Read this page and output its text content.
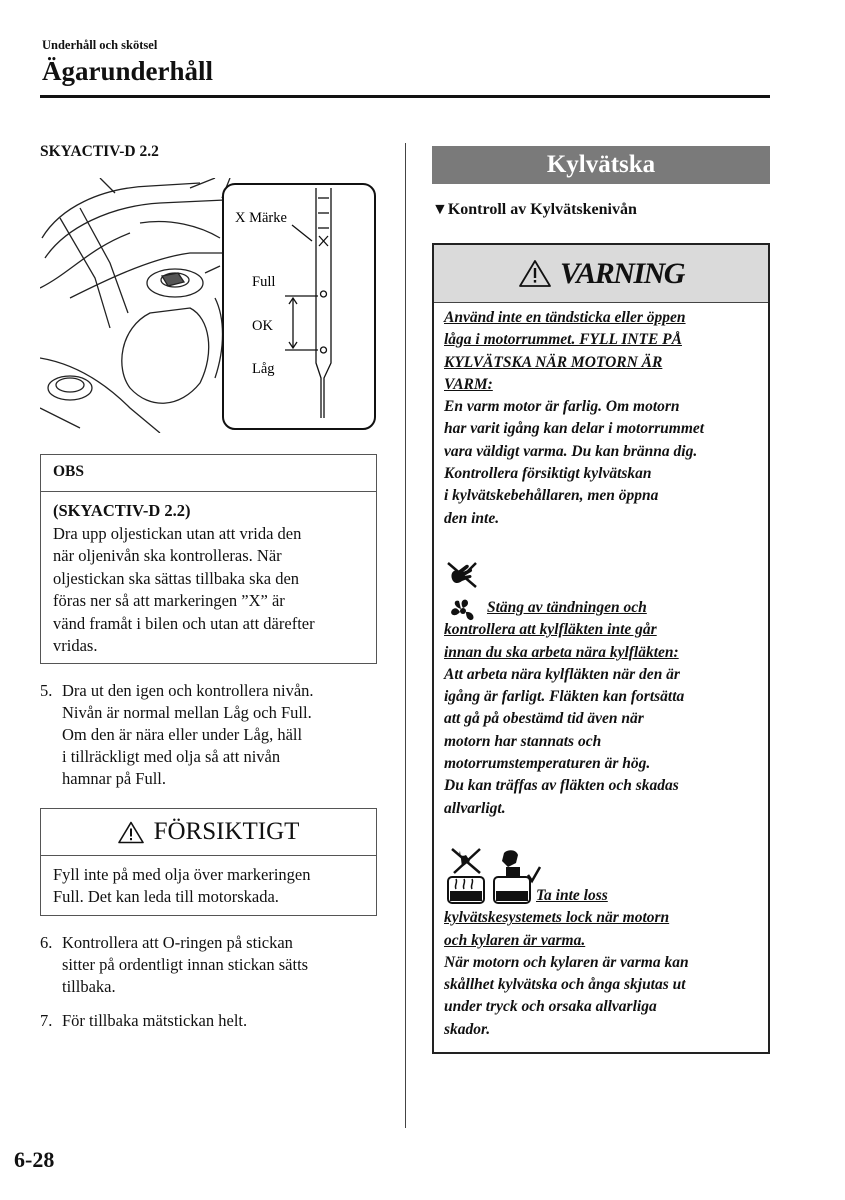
Underhåll och skötsel
Ägarunderhåll
SKYACTIV-D 2.2
X Märke
Full
OK
Låg
OBS
(SKYACTIV-D 2.2)
Dra upp oljestickan utan att vrida den
när oljenivån ska kontrolleras. När
oljestickan ska sättas tillbaka ska den
föras ner så att markeringen ”X” är
vänd framåt i bilen och utan att därefter
vridas.
5. Dra ut den igen och kontrollera nivån.
Nivån är normal mellan Låg och Full.
Om den är nära eller under Låg, häll
i tillräckligt med olja så att nivån
hamnar på Full.
FÖRSIKTIGT
Fyll inte på med olja över markeringen
Full. Det kan leda till motorskada.
6. Kontrollera att O-ringen på stickan
sitter på ordentligt innan stickan sätts
tillbaka.
7. För tillbaka mätstickan helt.
Kylvätska
▼Kontroll av Kylvätskenivån
VARNING
Använd inte en tändsticka eller öppen
låga i motorrummet. FYLL INTE PÅ
KYLVÄTSKA NÄR MOTORN ÄR
VARM:
En varm motor är farlig. Om motorn
har varit igång kan delar i motorrummet
vara väldigt varma. Du kan bränna dig.
Kontrollera försiktigt kylvätskan
i kylvätskebehållaren, men öppna
den inte.
Stäng av tändningen och
kontrollera att kylfläkten inte går
innan du ska arbeta nära kylfläkten:
Att arbeta nära kylfläkten när den är
igång är farligt. Fläkten kan fortsätta
att gå på obestämd tid även när
motorn har stannats och
motorrumstemperaturen är hög.
Du kan träffas av fläkten och skadas
allvarligt.
Ta inte loss
kylvätskesystemets lock när motorn
och kylaren är varma.
När motorn och kylaren är varma kan
skållhet kylvätska och ånga skjutas ut
under tryck och orsaka allvarliga
skador.
6-28
